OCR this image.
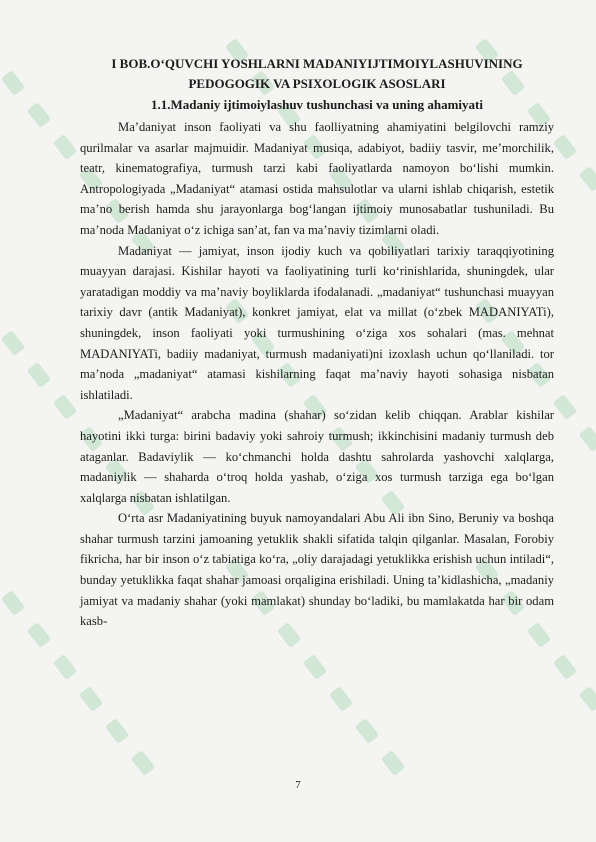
I BOB.O‘QUVCHI YOSHLARNI MADANIYIJTIMOIYLASHUVINING PEDOGOGIK VA PSIXOLOGIK ASOSLARI
1.1.Madaniy ijtimoiylashuv tushunchasi va uning ahamiyati

Ma’daniyat inson faoliyati va shu faolliyatning ahamiyatini belgilovchi ramziy qurilmalar va asarlar majmuidir. Madaniyat musiqa, adabiyot, badiiy tasvir, me’morchilik, teatr, kinematografiya, turmush tarzi kabi faoliyatlarda namoyon bo‘lishi mumkin. Antropologiyada „Madaniyat“ atamasi ostida mahsulotlar va ularni ishlab chiqarish, estetik ma’no berish hamda shu jarayonlarga bog‘langan ijtimoiy munosabatlar tushuniladi. Bu ma’noda Madaniyat o‘z ichiga san’at, fan va ma’naviy tizimlarni oladi.

Madaniyat — jamiyat, inson ijodiy kuch va qobiliyatlari tarixiy taraqqiyotining muayyan darajasi. Kishilar hayoti va faoliyatining turli ko‘rinishlarida, shuningdek, ular yaratadigan moddiy va ma’naviy boyliklarda ifodalanadi. „madaniyat“ tushunchasi muayyan tarixiy davr (antik Madaniyat), konkret jamiyat, elat va millat (o‘zbek MADANIYATi), shuningdek, inson faoliyati yoki turmushining o‘ziga xos sohalari (mas. mehnat MADANIYATi, badiiy madaniyat, turmush madaniyati)ni izoxlash uchun qo‘llaniladi. tor ma’noda „madaniyat“ atamasi kishilarning faqat ma’naviy hayoti sohasiga nisbatan ishlatiladi.

„Madaniyat“ arabcha madina (shahar) so‘zidan kelib chiqqan. Arablar kishilar hayotini ikki turga: birini badaviy yoki sahroiy turmush; ikkinchisini madaniy turmush deb ataganlar. Badaviylik — ko‘chmanchi holda dashtu sahrolarda yashovchi xalqlarga, madaniylik — shaharda o‘troq holda yashab, o‘ziga xos turmush tarziga ega bo‘lgan xalqlarga nisbatan ishlatilgan.

O‘rta asr Madaniyatining buyuk namoyandalari Abu Ali ibn Sino, Beruniy va boshqa shahar turmush tarzini jamoaning yetuklik shakli sifatida talqin qilganlar. Masalan, Forobiy fikricha, har bir inson o‘z tabiatiga ko‘ra, „oliy darajadagi yetuklikka erishish uchun intiladi“, bunday yetuklikka faqat shahar jamoasi orqaligina erishiladi. Uning ta’kidlashicha, „madaniy jamiyat va madaniy shahar (yoki mamlakat) shunday bo‘ladiki, bu mamlakatda har bir odam kasb-

7
